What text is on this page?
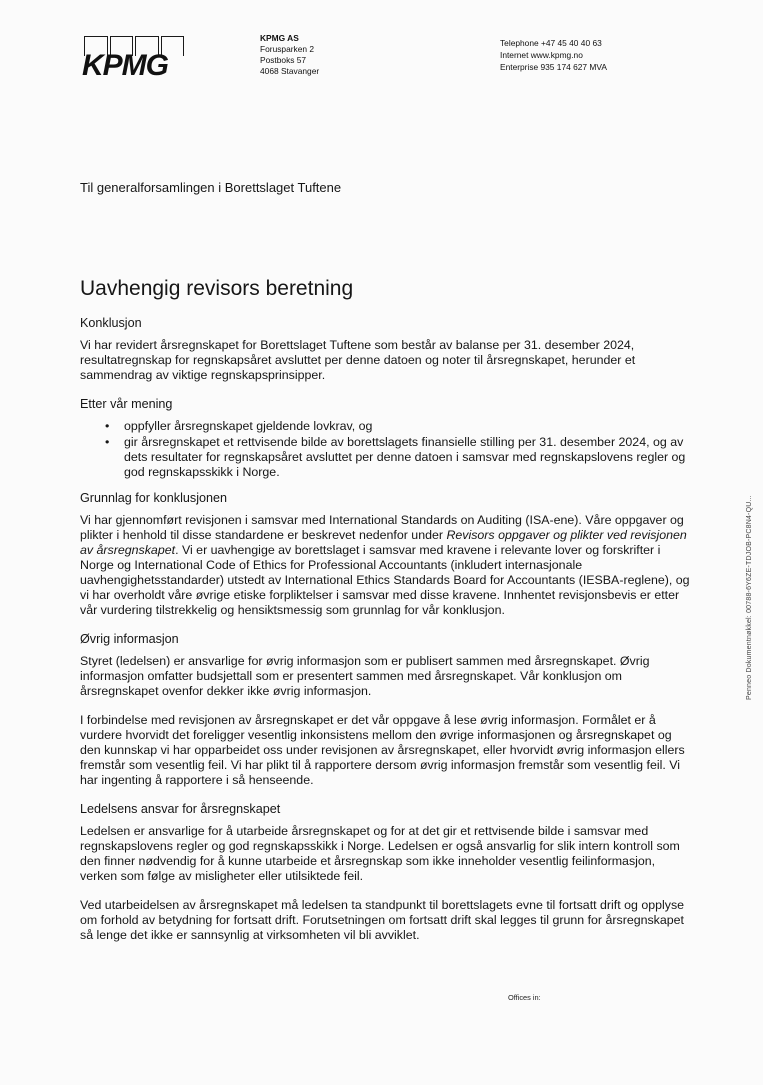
KPMG
KPMG AS
Forusparken 2
Postboks 57
4068 Stavanger
Telephone +47 45 40 40 63
Internet www.kpmg.no
Enterprise 935 174 627 MVA
Til generalforsamlingen i Borettslaget Tuftene
Uavhengig revisors beretning
Konklusjon

Vi har revidert årsregnskapet for Borettslaget Tuftene som består av balanse per 31. desember 2024, resultatregnskap for regnskapsåret avsluttet per denne datoen og noter til årsregnskapet, herunder et sammendrag av viktige regnskapsprinsipper.

Etter vår mening
• oppfyller årsregnskapet gjeldende lovkrav, og
• gir årsregnskapet et rettvisende bilde av borettslagets finansielle stilling per 31. desember 2024, og av dets resultater for regnskapsåret avsluttet per denne datoen i samsvar med regnskapslovens regler og god regnskapsskikk i Norge.
Grunnlag for konklusjonen

Vi har gjennomført revisjonen i samsvar med International Standards on Auditing (ISA-ene). Våre oppgaver og plikter i henhold til disse standardene er beskrevet nedenfor under Revisors oppgaver og plikter ved revisjonen av årsregnskapet. Vi er uavhengige av borettslaget i samsvar med kravene i relevante lover og forskrifter i Norge og International Code of Ethics for Professional Accountants (inkludert internasjonale uavhengighetsstandarder) utstedt av International Ethics Standards Board for Accountants (IESBA-reglene), og vi har overholdt våre øvrige etiske forpliktelser i samsvar med disse kravene. Innhentet revisjonsbevis er etter vår vurdering tilstrekkelig og hensiktsmessig som grunnlag for vår konklusjon.

Øvrig informasjon

Styret (ledelsen) er ansvarlige for øvrig informasjon som er publisert sammen med årsregnskapet. Øvrig informasjon omfatter budsjettall som er presentert sammen med årsregnskapet. Vår konklusjon om årsregnskapet ovenfor dekker ikke øvrig informasjon.

I forbindelse med revisjonen av årsregnskapet er det vår oppgave å lese øvrig informasjon. Formålet er å vurdere hvorvidt det foreligger vesentlig inkonsistens mellom den øvrige informasjonen og årsregnskapet og den kunnskap vi har opparbeidet oss under revisjonen av årsregnskapet, eller hvorvidt øvrig informasjon ellers fremstår som vesentlig feil. Vi har plikt til å rapportere dersom øvrig informasjon fremstår som vesentlig feil. Vi har ingenting å rapportere i så henseende.

Ledelsens ansvar for årsregnskapet

Ledelsen er ansvarlige for å utarbeide årsregnskapet og for at det gir et rettvisende bilde i samsvar med regnskapslovens regler og god regnskapsskikk i Norge. Ledelsen er også ansvarlig for slik intern kontroll som den finner nødvendig for å kunne utarbeide et årsregnskap som ikke inneholder vesentlig feilinformasjon, verken som følge av misligheter eller utilsiktede feil.

Ved utarbeidelsen av årsregnskapet må ledelsen ta standpunkt til borettslagets evne til fortsatt drift og opplyse om forhold av betydning for fortsatt drift. Forutsetningen om fortsatt drift skal legges til grunn for årsregnskapet så lenge det ikke er sannsynlig at virksomheten vil bli avviklet.

Offices in:
Penneo Dokumentnøkkel: 00788-6Y6ZE-TDJOB-PC8N4-QU...
